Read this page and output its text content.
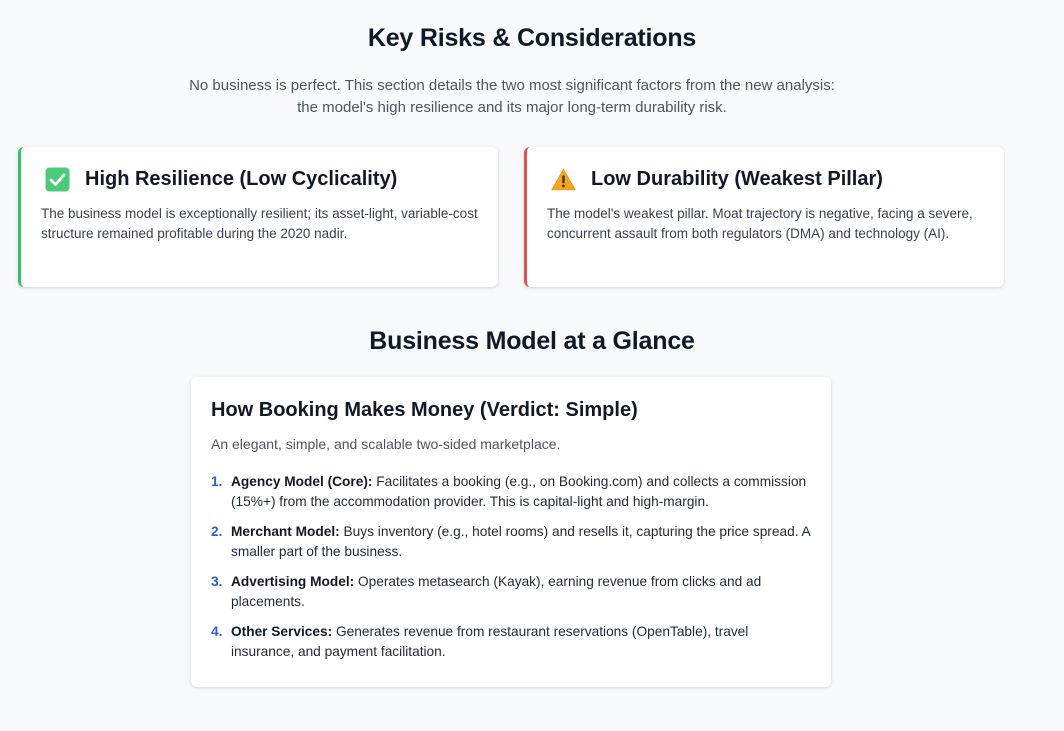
Key Risks & Considerations

No business is perfect. This section details the two most significant factors from the new analysis: the model's high resilience and its major long-term durability risk.

High Resilience (Low Cyclicality)

The business model is exceptionally resilient; its asset-light, variable-cost structure remained profitable during the 2020 nadir.

Low Durability (Weakest Pillar)

The model's weakest pillar. Moat trajectory is negative, facing a severe, concurrent assault from both regulators (DMA) and technology (AI).

Business Model at a Glance
How Booking Makes Money (Verdict: Simple)

An elegant, simple, and scalable two-sided marketplace.

1. Agency Model (Core): Facilitates a booking (e.g., on Booking.com) and collects a commission (15%+) from the accommodation provider. This is capital-light and high-margin.
2. Merchant Model: Buys inventory (e.g., hotel rooms) and resells it, capturing the price spread. A smaller part of the business.
3. Advertising Model: Operates metasearch (Kayak), earning revenue from clicks and ad placements.
4. Other Services: Generates revenue from restaurant reservations (OpenTable), travel insurance, and payment facilitation.
